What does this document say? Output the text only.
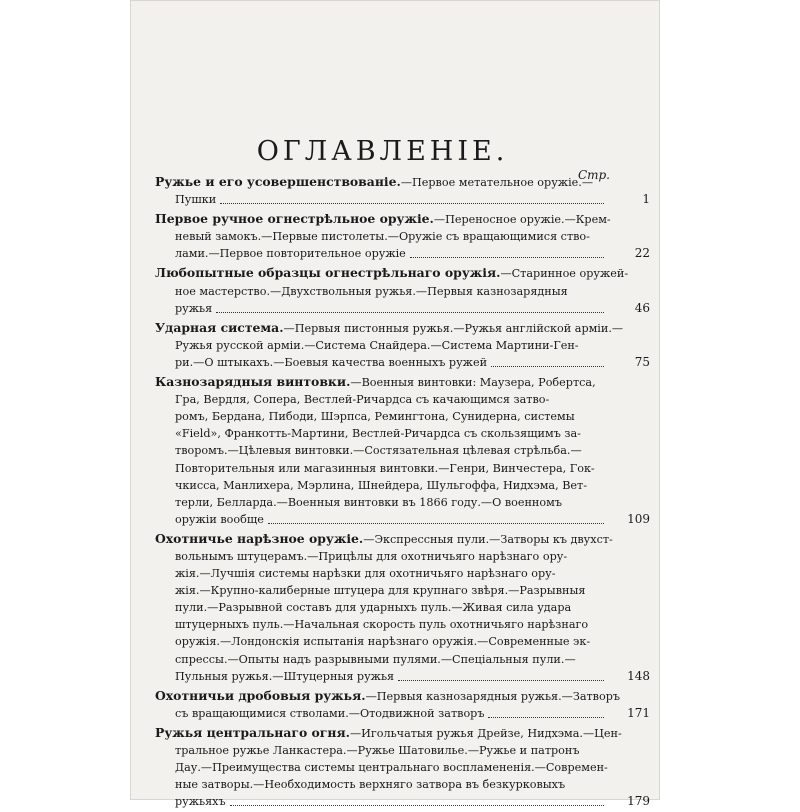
Стр.
ОГЛАВЛЕНІЕ.
Ружье и его усовершенствованіе.—Первое метательное оружіе.—
Пушки	1
Первое ручное огнестрѣльное оружіе.—Переносное оружіе.—Крем-
невый замокъ.—Первые пистолеты.—Оружіе съ вращающимися ство-
лами.—Первое повторительное оружіе	22
Любопытные образцы огнестрѣльнаго оружія.—Старинное оружей-
ное мастерство.—Двухствольныя ружья.—Первыя казнозарядныя
ружья	46
Ударная система.—Первыя пистонныя ружья.—Ружья англійской арміи.—
Ружья русской арміи.—Система Снайдера.—Система Мартини-Ген-
ри.—О штыкахъ.—Боевыя качества военныхъ ружей	75
Казнозарядныя винтовки.—Военныя винтовки: Маузера, Робертса,
Гра, Вердля, Сопера, Вестлей-Ричардса съ качающимся затво-
ромъ, Бердана, Пибоди, Шэрпса, Ремингтона, Сунидерна, системы
«Field», Франкотть-Мартини, Вестлей-Ричардса съ скользящимъ за-
творомъ.—Цѣлевыя винтовки.—Состязательная цѣлевая стрѣльба.—
Повторительныя или магазинныя винтовки.—Генри, Винчестера, Гок-
чкисса, Манлихера, Мэрлина, Шнейдера, Шульгоффа, Нидхэма, Вет-
терли, Беллардa.—Военныя винтовки въ 1866 году.—О военномъ
оружіи вообще	109
Охотничье нарѣзное оружіе.—Экспрессныя пули.—Затворы къ двухст-
вольнымъ штуцерамъ.—Прицѣлы для охотничьяго нарѣзнаго ору-
жія.—Лучшія системы нарѣзки для охотничьяго нарѣзнаго ору-
жія.—Крупно-калиберные штуцера для крупнаго звѣря.—Разрывныя
пули.—Разрывной составъ для ударныхъ пуль.—Живая сила удара
штуцерныхъ пуль.—Начальная скорость пуль охотничьяго нарѣзнаго
оружія.—Лондонскія испытанія нарѣзнаго оружія.—Современные эк-
спрессы.—Опыты надъ разрывными пулями.—Спеціальныя пули.—
Пульныя ружья.—Штуцерныя ружья	148
Охотничьи дробовыя ружья.—Первыя казнозарядныя ружья.—Затворъ
съ вращающимися стволами.—Отодвижной затворъ	171
Ружья центральнаго огня.—Игольчатыя ружья Дрейзе, Нидхэма.—Цен-
тральное ружье Ланкастера.—Ружье Шатовилье.—Ружье и патронъ
Дау.—Преимущества системы центральнаго воспламененія.—Современ-
ные затворы.—Необходимость верхняго затвора въ безкурковыхъ
ружьяхъ	179
